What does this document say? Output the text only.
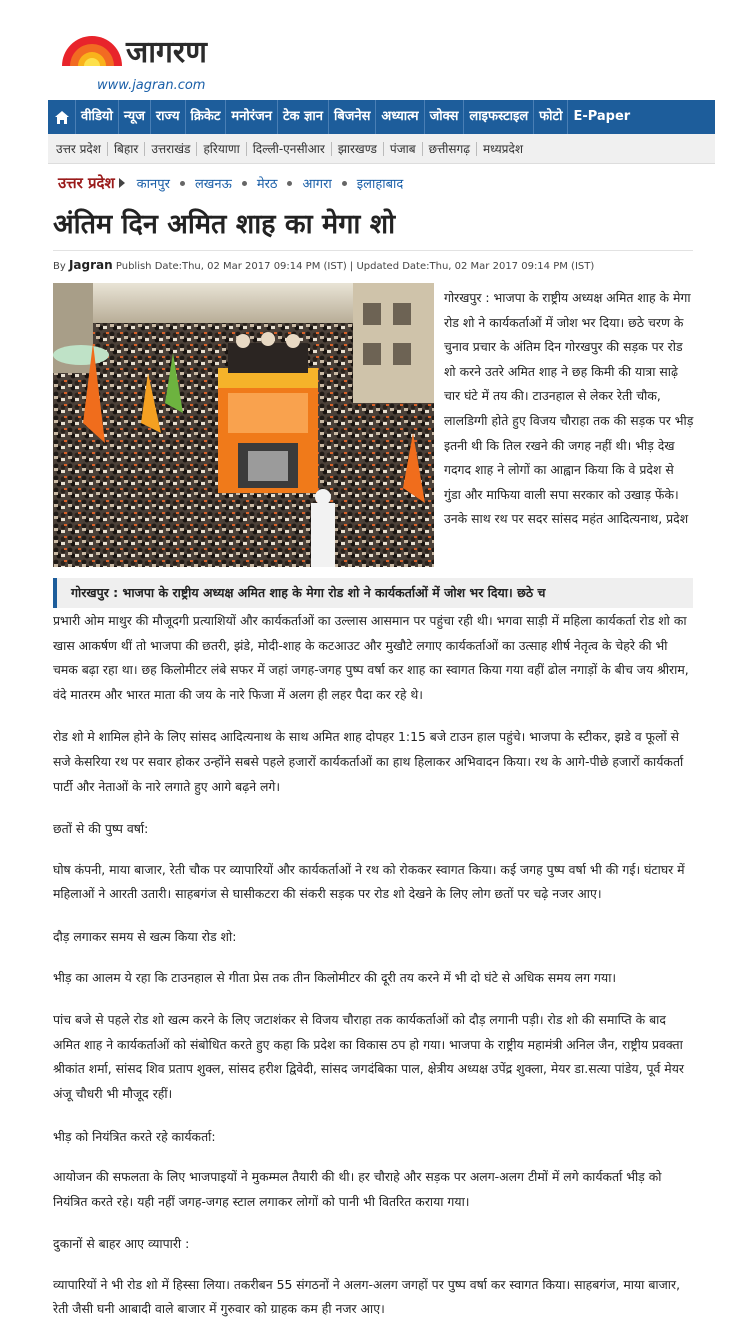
जागरण
www.jagran.com
वीडियो न्यूज राज्य क्रिकेट मनोरंजन टेक ज्ञान बिजनेस अध्यात्म जोक्स लाइफस्टाइल फोटो E-Paper
उत्तर प्रदेश	बिहार	उत्तराखंड	हरियाणा	दिल्ली-एनसीआर	झारखण्ड	पंजाब	छत्तीसगढ़	मध्यप्रदेश
उत्तर प्रदेश कानपुर लखनऊ मेरठ आगरा इलाहाबाद
अंतिम दिन अमित शाह का मेगा शो
By Jagran Publish Date:Thu, 02 Mar 2017 09:14 PM (IST) | Updated Date:Thu, 02 Mar 2017 09:14 PM (IST)
गोरखपुर : भाजपा के राष्ट्रीय अध्यक्ष अमित शाह के मेगा रोड शो ने कार्यकर्ताओं में जोश भर दिया। छठे चरण के चुनाव प्रचार के अंतिम दिन गोरखपुर की सड़क पर रोड शो करने उतरे अमित शाह ने छह किमी की यात्रा साढ़े चार घंटे में तय की। टाउनहाल से लेकर रेती चौक, लालडिग्गी होते हुए विजय चौराहा तक की सड़क पर भीड़ इतनी थी कि तिल रखने की जगह नहीं थी। भीड़ देख गदगद शाह ने लोगों का आह्वान किया कि वे प्रदेश से गुंडा और माफिया वाली सपा सरकार को उखाड़ फेंके। उनके साथ रथ पर सदर सांसद महंत आदित्यनाथ, प्रदेश
गोरखपुर : भाजपा के राष्ट्रीय अध्यक्ष अमित शाह के मेगा रोड शो ने कार्यकर्ताओं में जोश भर दिया। छठे च

प्रभारी ओम माथुर की मौजूदगी प्रत्याशियों और कार्यकर्ताओं का उल्लास आसमान पर पहुंचा रही थी। भगवा साड़ी में महिला कार्यकर्ता रोड शो का खास आकर्षण थीं तो भाजपा की छतरी, झंडे, मोदी-शाह के कटआउट और मुखौटे लगाए कार्यकर्ताओं का उत्साह शीर्ष नेतृत्व के चेहरे की भी चमक बढ़ा रहा था। छह किलोमीटर लंबे सफर में जहां जगह-जगह पुष्प वर्षा कर शाह का स्वागत किया गया वहीं ढोल नगाड़ों के बीच जय श्रीराम, वंदे मातरम और भारत माता की जय के नारे फिजा में अलग ही लहर पैदा कर रहे थे।

रोड शो मे शामिल होने के लिए सांसद आदित्यनाथ के साथ अमित शाह दोपहर 1:15 बजे टाउन हाल पहुंचे। भाजपा के स्टीकर, झडे व फूलों से सजे केसरिया रथ पर सवार होकर उन्होंने सबसे पहले हजारों कार्यकर्ताओं का हाथ हिलाकर अभिवादन किया। रथ के आगे-पीछे हजारों कार्यकर्ता पार्टी और नेताओं के नारे लगाते हुए आगे बढ़ने लगे।

छतों से की पुष्प वर्षा:

घोष कंपनी, माया बाजार, रेती चौक पर व्यापारियों और कार्यकर्ताओं ने रथ को रोककर स्वागत किया। कई जगह पुष्प वर्षा भी की गई। घंटाघर में महिलाओं ने आरती उतारी। साहबगंज से घासीकटरा की संकरी सड़क पर रोड शो देखने के लिए लोग छतों पर चढ़े नजर आए।

दौड़ लगाकर समय से खत्म किया रोड शो:

भीड़ का आलम ये रहा कि टाउनहाल से गीता प्रेस तक तीन किलोमीटर की दूरी तय करने में भी दो घंटे से अधिक समय लग गया।

पांच बजे से पहले रोड शो खत्म करने के लिए जटाशंकर से विजय चौराहा तक कार्यकर्ताओं को दौड़ लगानी पड़ी। रोड शो की समाप्ति के बाद अमित शाह ने कार्यकर्ताओं को संबोधित करते हुए कहा कि प्रदेश का विकास ठप हो गया। भाजपा के राष्ट्रीय महामंत्री अनिल जैन, राष्ट्रीय प्रवक्ता श्रीकांत शर्मा, सांसद शिव प्रताप शुक्ल, सांसद हरीश द्विवेदी, सांसद जगदंबिका पाल, क्षेत्रीय अध्यक्ष उपेंद्र शुक्ला, मेयर डा.सत्या पांडेय, पूर्व मेयर अंजू चौधरी भी मौजूद रहीं।

भीड़ को नियंत्रित करते रहे कार्यकर्ता:

आयोजन की सफलता के लिए भाजपाइयों ने मुकम्मल तैयारी की थी। हर चौराहे और सड़क पर अलग-अलग टीमों में लगे कार्यकर्ता भीड़ को नियंत्रित करते रहे। यही नहीं जगह-जगह स्टाल लगाकर लोगों को पानी भी वितरित कराया गया।

दुकानों से बाहर आए व्यापारी :

व्यापारियों ने भी रोड शो में हिस्सा लिया। तकरीबन 55 संगठनों ने अलग-अलग जगहों पर पुष्प वर्षा कर स्वागत किया। साहबगंज, माया बाजार, रेती जैसी घनी आबादी वाले बाजार में गुरुवार को ग्राहक कम ही नजर आए।
